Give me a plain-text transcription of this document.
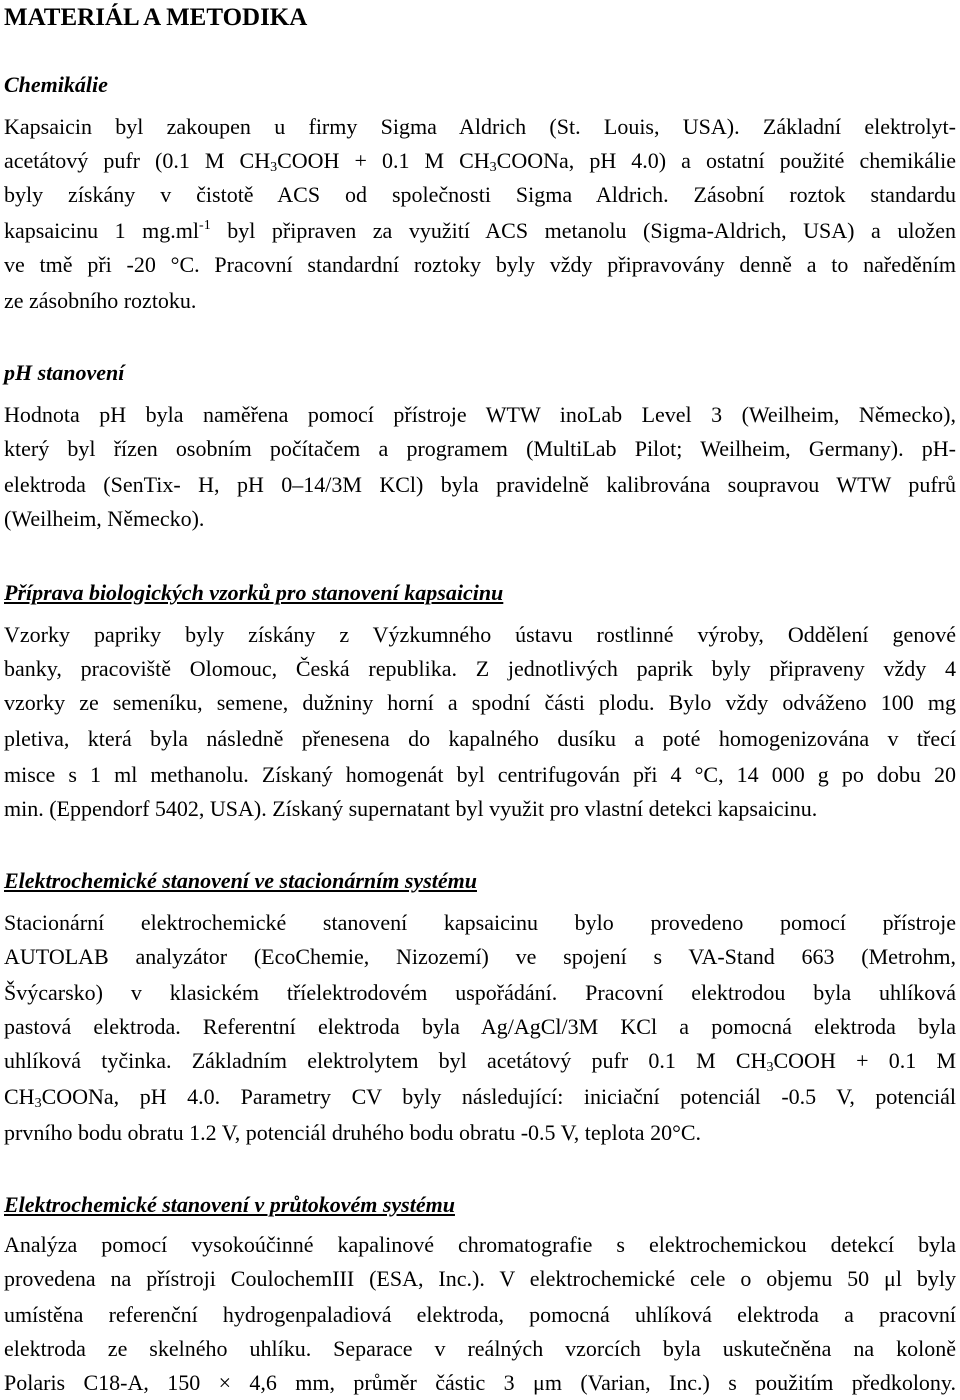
MATERIÁL A METODIKA
Chemikálie
Kapsaicin byl zakoupen u firmy Sigma Aldrich (St. Louis, USA). Základní elektrolyt-
acetátový pufr (0.1 M $CH_3COOH + 0.1$ M $CH_3COONa$, pH 4.0) a ostatní použité chemikálie
byly získány v čistotě ACS od společnosti Sigma Aldrich. Zásobní roztok standardu
kapsaicinu 1 $mg.ml^{-1}$ byl připraven za využití ACS metanolu (Sigma-Aldrich, USA) a uložen
ve tmě při -20 °C. Pracovní standardní roztoky byly vždy připravovány denně a to naředěním
ze zásobního roztoku.
pH stanovení
Hodnota pH byla naměřena pomocí přístroje WTW inoLab Level 3 (Weilheim, Německo),
který byl řízen osobním počítačem a programem (MultiLab Pilot; Weilheim, Germany). pH-
elektroda (SenTix- H, pH 0–14/3M KCl) byla pravidelně kalibrována soupravou WTW pufrů
(Weilheim, Německo).
Příprava biologických vzorků pro stanovení kapsaicinu
Vzorky papriky byly získány z Výzkumného ústavu rostlinné výroby, Oddělení genové
banky, pracoviště Olomouc, Česká republika. Z jednotlivých paprik byly připraveny vždy 4
vzorky ze semeníku, semene, dužniny horní a spodní části plodu. Bylo vždy odváženo 100 mg
pletiva, která byla následně přenesena do kapalného dusíku a poté homogenizována v třecí
misce s 1 ml methanolu. Získaný homogenát byl centrifugován při 4 °C, 14 000 g po dobu 20
min. (Eppendorf 5402, USA). Získaný supernatant byl využit pro vlastní detekci kapsaicinu.
Elektrochemické stanovení ve stacionárním systému
Stacionární elektrochemické stanovení kapsaicinu bylo provedeno pomocí přístroje
AUTOLAB analyzátor (EcoChemie, Nizozemí) ve spojení s VA-Stand 663 (Metrohm,
Švýcarsko) v klasickém tříelektrodovém uspořádání. Pracovní elektrodou byla uhlíková
pastová elektroda. Referentní elektroda byla Ag/AgCl/3M KCl a pomocná elektroda byla
uhlíková tyčinka. Základním elektrolytem byl acetátový pufr 0.1 M $CH_3COOH + 0.1$ M
$CH_3COONa$, pH 4.0. Parametry CV byly následující: iniciační potenciál -0.5 V, potenciál
prvního bodu obratu 1.2 V, potenciál druhého bodu obratu -0.5 V, teplota 20°C.
Elektrochemické stanovení v průtokovém systému
Analýza pomocí vysokoúčinné kapalinové chromatografie s elektrochemickou detekcí byla
provedena na přístroji CoulochemIII (ESA, Inc.). V elektrochemické cele o objemu 50 μl byly
umístěna referenční hydrogenpaladiová elektroda, pomocná uhlíková elektroda a pracovní
elektroda ze skelného uhlíku. Separace v reálných vzorcích byla uskutečněna na koloně
Polaris C18-A, 150 × 4,6 mm, průměr částic 3 μm (Varian, Inc.) s použitím předkolony.
